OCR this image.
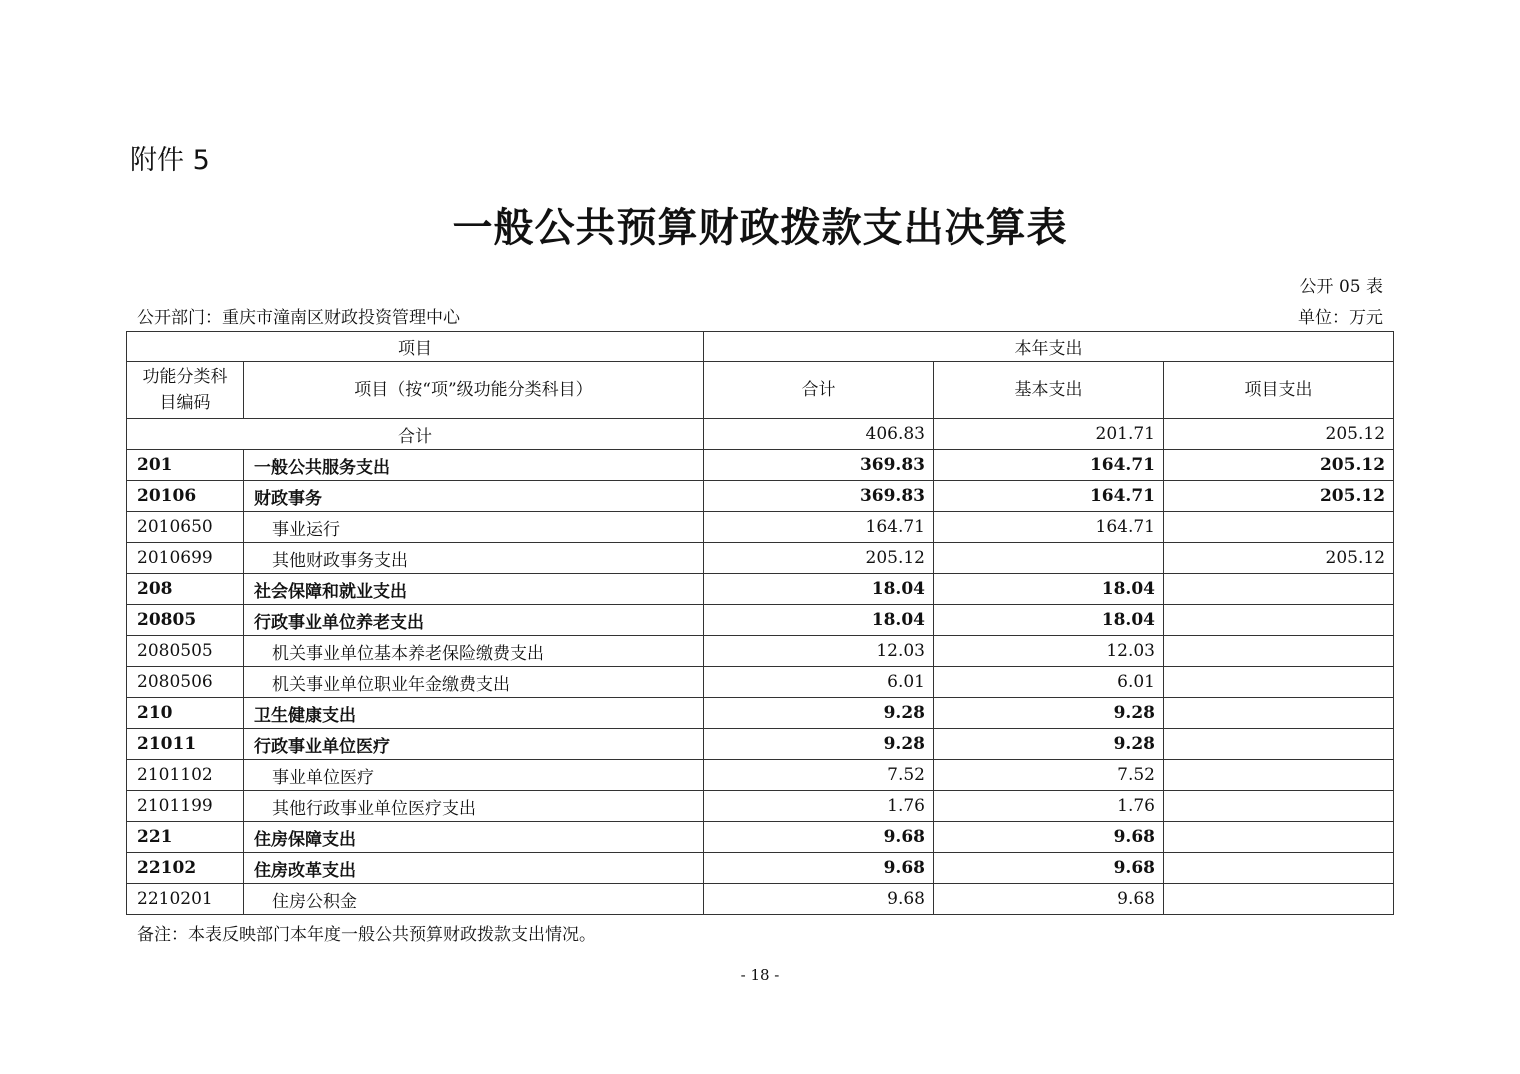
附件 5
一般公共预算财政拨款支出决算表
公开 05 表
公开部门：重庆市潼南区财政投资管理中心	单位：万元
项目		本年支出		
功能分类科
目编码	项目（按“项”级功能分类科目）	合计	基本支出	项目支出
合计		406.83	201.71	205.12
201	一般公共服务支出	369.83	164.71	205.12
20106	财政事务	369.83	164.71	205.12
2010650	事业运行	164.71	164.71	
2010699	其他财政事务支出	205.12		205.12
208	社会保障和就业支出	18.04	18.04	
20805	行政事业单位养老支出	18.04	18.04	
2080505	机关事业单位基本养老保险缴费支出	12.03	12.03	
2080506	机关事业单位职业年金缴费支出	6.01	6.01	
210	卫生健康支出	9.28	9.28	
21011	行政事业单位医疗	9.28	9.28	
2101102	事业单位医疗	7.52	7.52	
2101199	其他行政事业单位医疗支出	1.76	1.76	
221	住房保障支出	9.68	9.68	
22102	住房改革支出	9.68	9.68	
2210201	住房公积金	9.68	9.68	
备注：本表反映部门本年度一般公共预算财政拨款支出情况。
- 18 -
